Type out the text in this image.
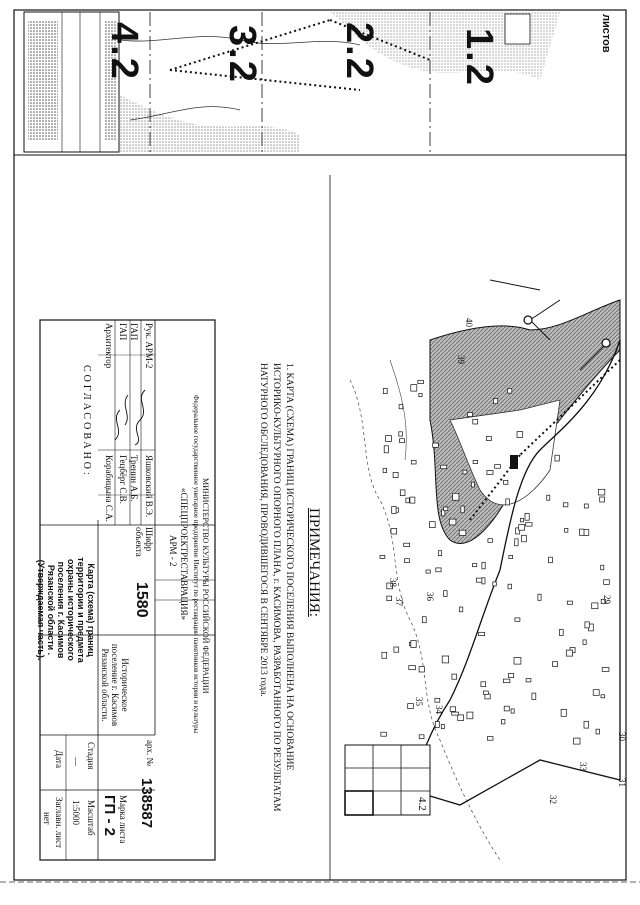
листов
1.2
2.2
3.2
4.2
29
30
31
32
33
34
35
36
37
38
39
40
ПРИМЕЧАНИЯ:
1. КАРТА (СХЕМА) ГРАНИЦ ИСТОРИЧЕСКОГО ПОСЕЛЕНИЯ ВЫПОЛНЕНА НА ОСНОВАНИЕ
ИСТОРИКО-КУЛЬТУРНОГО ОПОРНОГО ПЛАНА, г. КАСИМОВА, РАЗРАБОТАННОГО ПО РЕЗУЛЬТАТАМ
НАТУРНОГО ОБСЛЕДОВАНИЯ, ПРОВОДИВШЕГОСЯ В СЕНТЯБРЕ 2013 года.
4.2
МИНИСТЕРСТВО КУЛЬТУРЫ РОССИЙСКОЙ ФЕДЕРАЦИИ
Федеральное государственное унитарное предприятие Институт по реставрации памятников истории и культуры
«СПЕЦПРОЕКТРЕСТАВРАЦИЯ»
АРМ - 2
Рук. АРМ-2
Яшковский В.Э.
ГАП
Тренин А.Б.
ГАП
Гецбёрг С.В.
Архитектор
Корабицына С.А.
Шифр объекта
1580
Историческое поселение г. Касимов Рязанской области.
арх. №
138587
Марка листа
ГП - 2
Карта (схема) границ территории и предмета охраны исторического поселения г. Касимов Рязанской области . (Утверждаемая часть).
Стадия
—
Масштаб
1:5000
Дата
Заглавн. лист
нет
СОГЛАСОВАНО:
